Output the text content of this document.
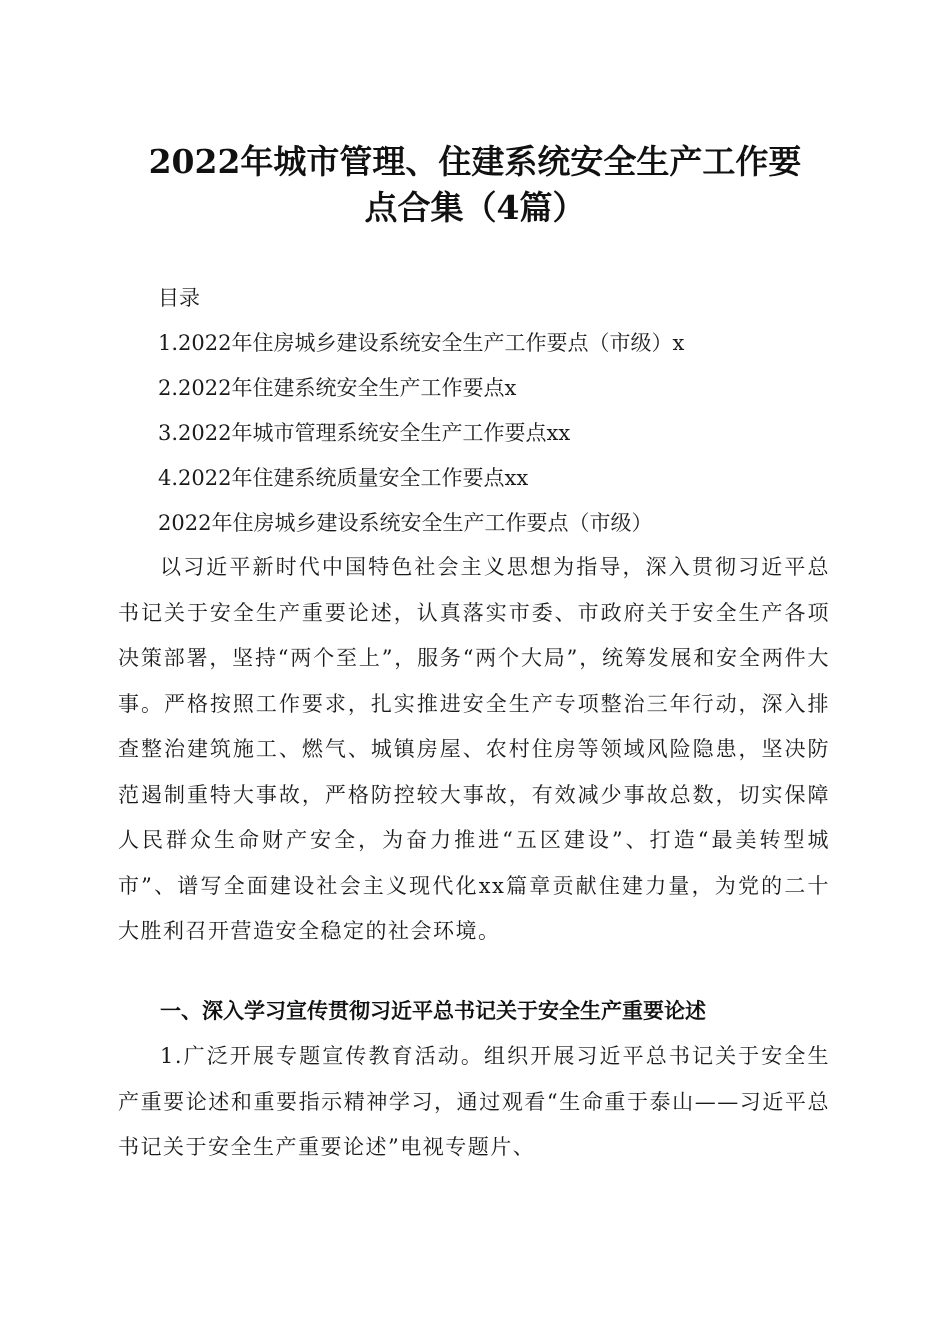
2022年城市管理、住建系统安全生产工作要
点合集（4篇）
目录
1.2022年住房城乡建设系统安全生产工作要点（市级）x
2.2022年住建系统安全生产工作要点x
3.2022年城市管理系统安全生产工作要点xx
4.2022年住建系统质量安全工作要点xx
2022年住房城乡建设系统安全生产工作要点（市级）

以习近平新时代中国特色社会主义思想为指导，深入贯彻习近平总书记关于安全生产重要论述，认真落实市委、市政府关于安全生产各项决策部署，坚持“两个至上”，服务“两个大局”，统筹发展和安全两件大事。严格按照工作要求，扎实推进安全生产专项整治三年行动，深入排查整治建筑施工、燃气、城镇房屋、农村住房等领域风险隐患，坚决防范遏制重特大事故，严格防控较大事故，有效减少事故总数，切实保障人民群众生命财产安全，为奋力推进“五区建设”、打造“最美转型城市”、谱写全面建设社会主义现代化xx篇章贡献住建力量，为党的二十大胜利召开营造安全稳定的社会环境。

一、深入学习宣传贯彻习近平总书记关于安全生产重要论述

1.广泛开展专题宣传教育活动。组织开展习近平总书记关于安全生产重要论述和重要指示精神学习，通过观看“生命重于泰山——习近平总书记关于安全生产重要论述”电视专题片、
